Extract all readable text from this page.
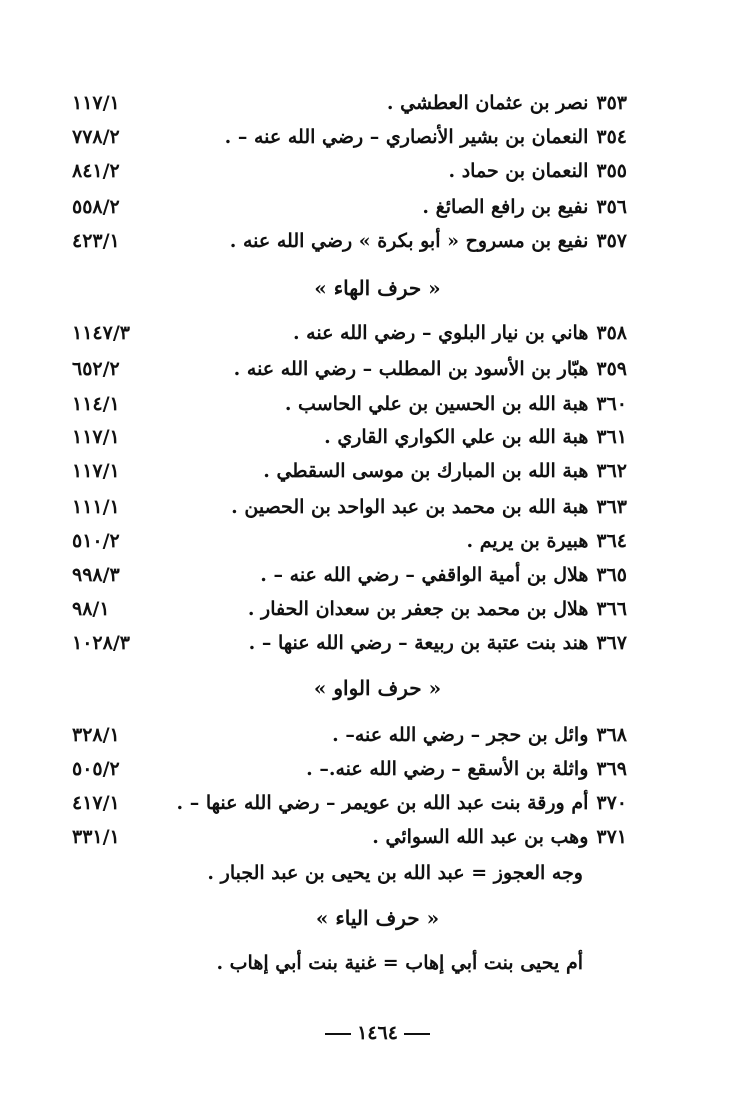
٣٥٣نصر بن عثمان العطشي .
١١٧/١
٣٥٤النعمان بن بشير الأنصاري – رضي الله عنه – .
٧٧٨/٢
٣٥٥النعمان بن حماد .
٨٤١/٢
٣٥٦نفيع بن رافع الصائغ .
٥٥٨/٢
٣٥٧نفيع بن مسروح « أبو بكرة » رضي الله عنه .
٤٢٣/١
« حرف الهاء »
٣٥٨هاني بن نيار البلوي – رضي الله عنه .
١١٤٧/٣
٣٥٩هبّار بن الأسود بن المطلب – رضي الله عنه .
٦٥٢/٢
٣٦٠هبة الله بن الحسين بن علي الحاسب .
١١٤/١
٣٦١هبة الله بن علي الكواري القاري .
١١٧/١
٣٦٢هبة الله بن المبارك بن موسى السقطي .
١١٧/١
٣٦٣هبة الله بن محمد بن عبد الواحد بن الحصين .
١١١/١
٣٦٤هبيرة بن يريم .
٥١٠/٢
٣٦٥هلال بن أمية الواقفي – رضي الله عنه – .
٩٩٨/٣
٣٦٦هلال بن محمد بن جعفر بن سعدان الحفار .
٩٨/١
٣٦٧هند بنت عتبة بن ربيعة – رضي الله عنها – .
١٠٢٨/٣
« حرف الواو »
٣٦٨وائل بن حجر – رضي الله عنه– .
٣٢٨/١
٣٦٩واثلة بن الأسقع – رضي الله عنه.– .
٥٠٥/٢
٣٧٠أم ورقة بنت عبد الله بن عويمر – رضي الله عنها – .
٤١٧/١
٣٧١وهب بن عبد الله السوائي .
٣٣١/١
وجه العجوز = عبد الله بن يحيى بن عبد الجبار .
« حرف الياء »
أم يحيى بنت أبي إهاب = غنية بنت أبي إهاب .
١٤٦٤
